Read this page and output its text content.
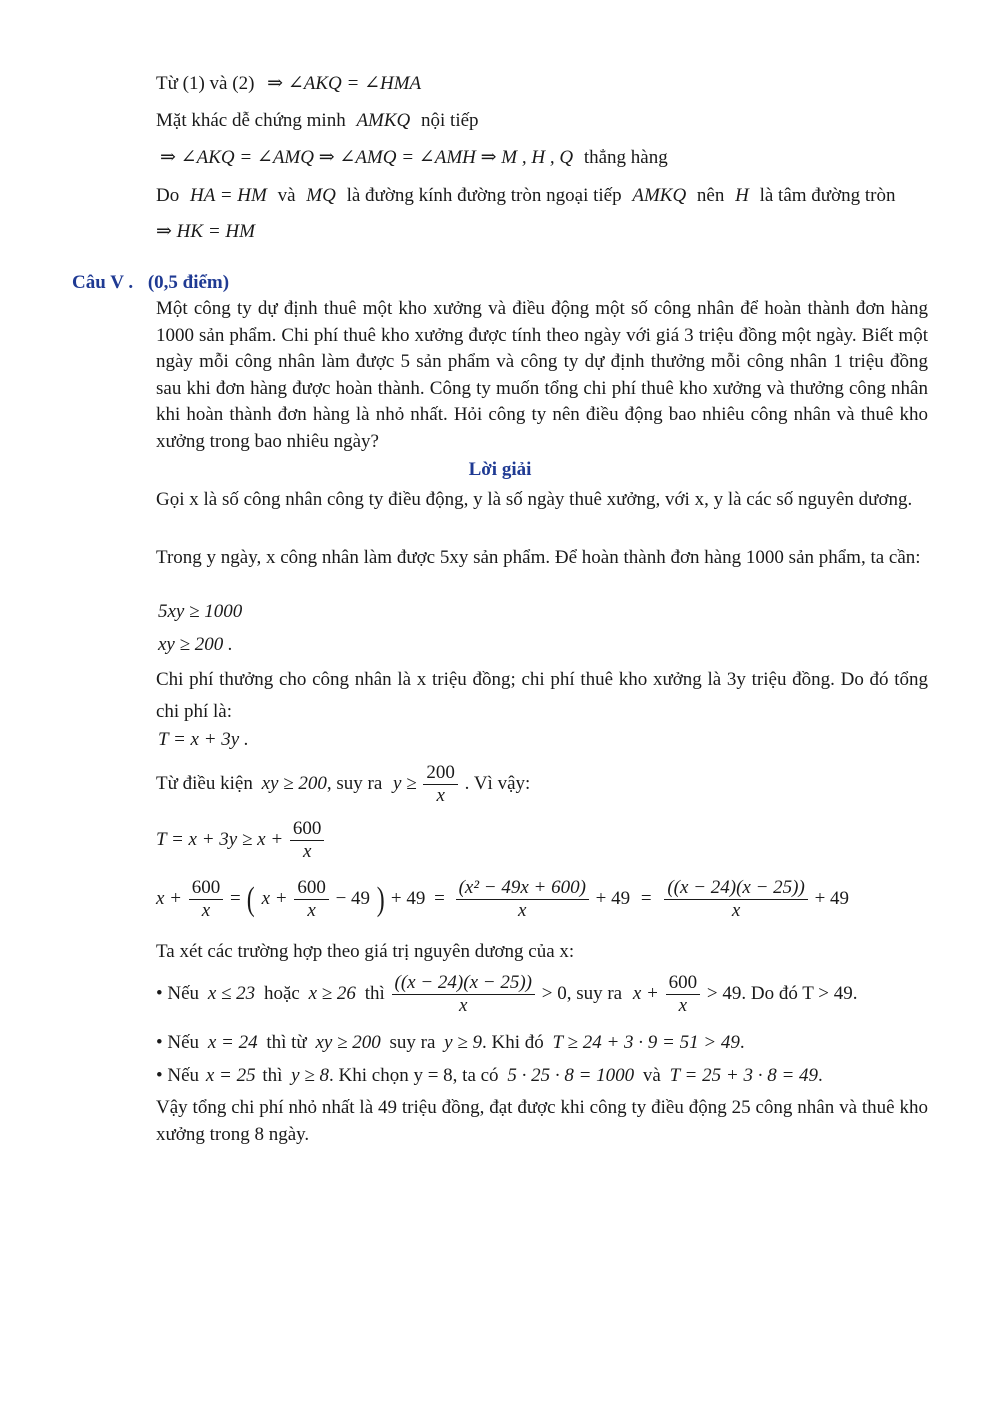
Từ (1) và (2) ⇒ ∠AKQ = ∠HMA
Mặt khác dễ chứng minh AMKQ nội tiếp
⇒ ∠AKQ = ∠AMQ ⇒ ∠AMQ = ∠AMH ⇒ M , H , Q thẳng hàng
Do HA = HM và MQ là đường kính đường tròn ngoại tiếp AMKQ nên H là tâm đường tròn
⇒ HK = HM
Câu V . (0,5 điểm)
Một công ty dự định thuê một kho xưởng và điều động một số công nhân để hoàn thành đơn hàng 1000 sản phẩm. Chi phí thuê kho xưởng được tính theo ngày với giá 3 triệu đồng một ngày. Biết một ngày mỗi công nhân làm được 5 sản phẩm và công ty dự định thưởng mỗi công nhân 1 triệu đồng sau khi đơn hàng được hoàn thành. Công ty muốn tổng chi phí thuê kho xưởng và thưởng công nhân khi hoàn thành đơn hàng là nhỏ nhất. Hỏi công ty nên điều động bao nhiêu công nhân và thuê kho xưởng trong bao nhiêu ngày?
Lời giải
Gọi x là số công nhân công ty điều động, y là số ngày thuê xưởng, với x, y là các số nguyên dương.
Trong y ngày, x công nhân làm được 5xy sản phẩm. Để hoàn thành đơn hàng 1000 sản phẩm, ta cần:
5xy ≥ 1000
xy ≥ 200 .
Chi phí thưởng cho công nhân là x triệu đồng; chi phí thuê kho xưởng là 3y triệu đồng. Do đó tổng chi phí là:
T = x + 3y .
Từ điều kiện xy ≥ 200, suy ra $y \ge \frac{200}{x}$ . Vì vậy:
$T = x + 3y \ge x + \frac{600}{x}$
$x + \frac{600}{x}$ = ( $x + \frac{600}{x} - 49$ ) + $49 = \frac{\text{(x² − 49x + 600)}}{x} + 49 = \frac{((x - 24)(x - 25))}{x} + 49$
Ta xét các trường hợp theo giá trị nguyên dương của x:
• Nếu x ≤ 23 hoặc x ≥ 26 thì $\frac{((x - 24)(x - 25))}{x} > 0$, suy ra $x + \frac{600}{x} > 49$. Do đó T > 49.
• Nếu x = 24 thì từ xy ≥ 200 suy ra y ≥ 9. Khi đó T ≥ 24 + 3 · 9 = 51 > 49.
• Nếu x = 25 thì y ≥ 8. Khi chọn y = 8, ta có 5 · 25 · 8 = 1000 và T = 25 + 3 · 8 = 49.
Vậy tổng chi phí nhỏ nhất là 49 triệu đồng, đạt được khi công ty điều động 25 công nhân và thuê kho xưởng trong 8 ngày.
